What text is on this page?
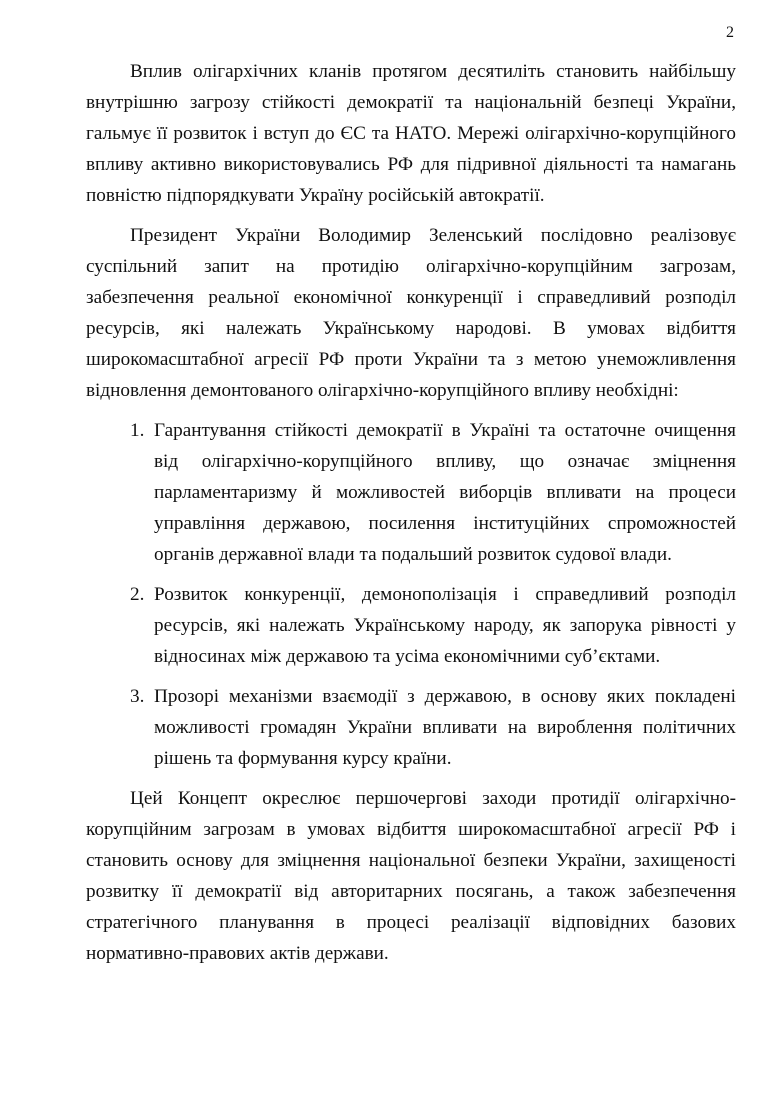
2

Вплив олігархічних кланів протягом десятиліть становить найбільшу внутрішню загрозу стійкості демократії та національній безпеці України, гальмує її розвиток і вступ до ЄС та НАТО. Мережі олігархічно-корупційного впливу активно використовувались РФ для підривної діяльності та намагань повністю підпорядкувати Україну російській автократії.

Президент України Володимир Зеленський послідовно реалізовує суспільний запит на протидію олігархічно-корупційним загрозам, забезпечення реальної економічної конкуренції і справедливий розподіл ресурсів, які належать Українському народові. В умовах відбиття широкомасштабної агресії РФ проти України та з метою унеможливлення відновлення демонтованого олігархічно-корупційного впливу необхідні:

1. Гарантування стійкості демократії в Україні та остаточне очищення від олігархічно-корупційного впливу, що означає зміцнення парламентаризму й можливостей виборців впливати на процеси управління державою, посилення інституційних спроможностей органів державної влади та подальший розвиток судової влади.
2. Розвиток конкуренції, демонополізація і справедливий розподіл ресурсів, які належать Українському народу, як запорука рівності у відносинах між державою та усіма економічними суб’єктами.
3. Прозорі механізми взаємодії з державою, в основу яких покладені можливості громадян України впливати на вироблення політичних рішень та формування курсу країни.

Цей Концепт окреслює першочергові заходи протидії олігархічно-корупційним загрозам в умовах відбиття широкомасштабної агресії РФ і становить основу для зміцнення національної безпеки України, захищеності розвитку її демократії від авторитарних посягань, а також забезпечення стратегічного планування в процесі реалізації відповідних базових нормативно-правових актів держави.
